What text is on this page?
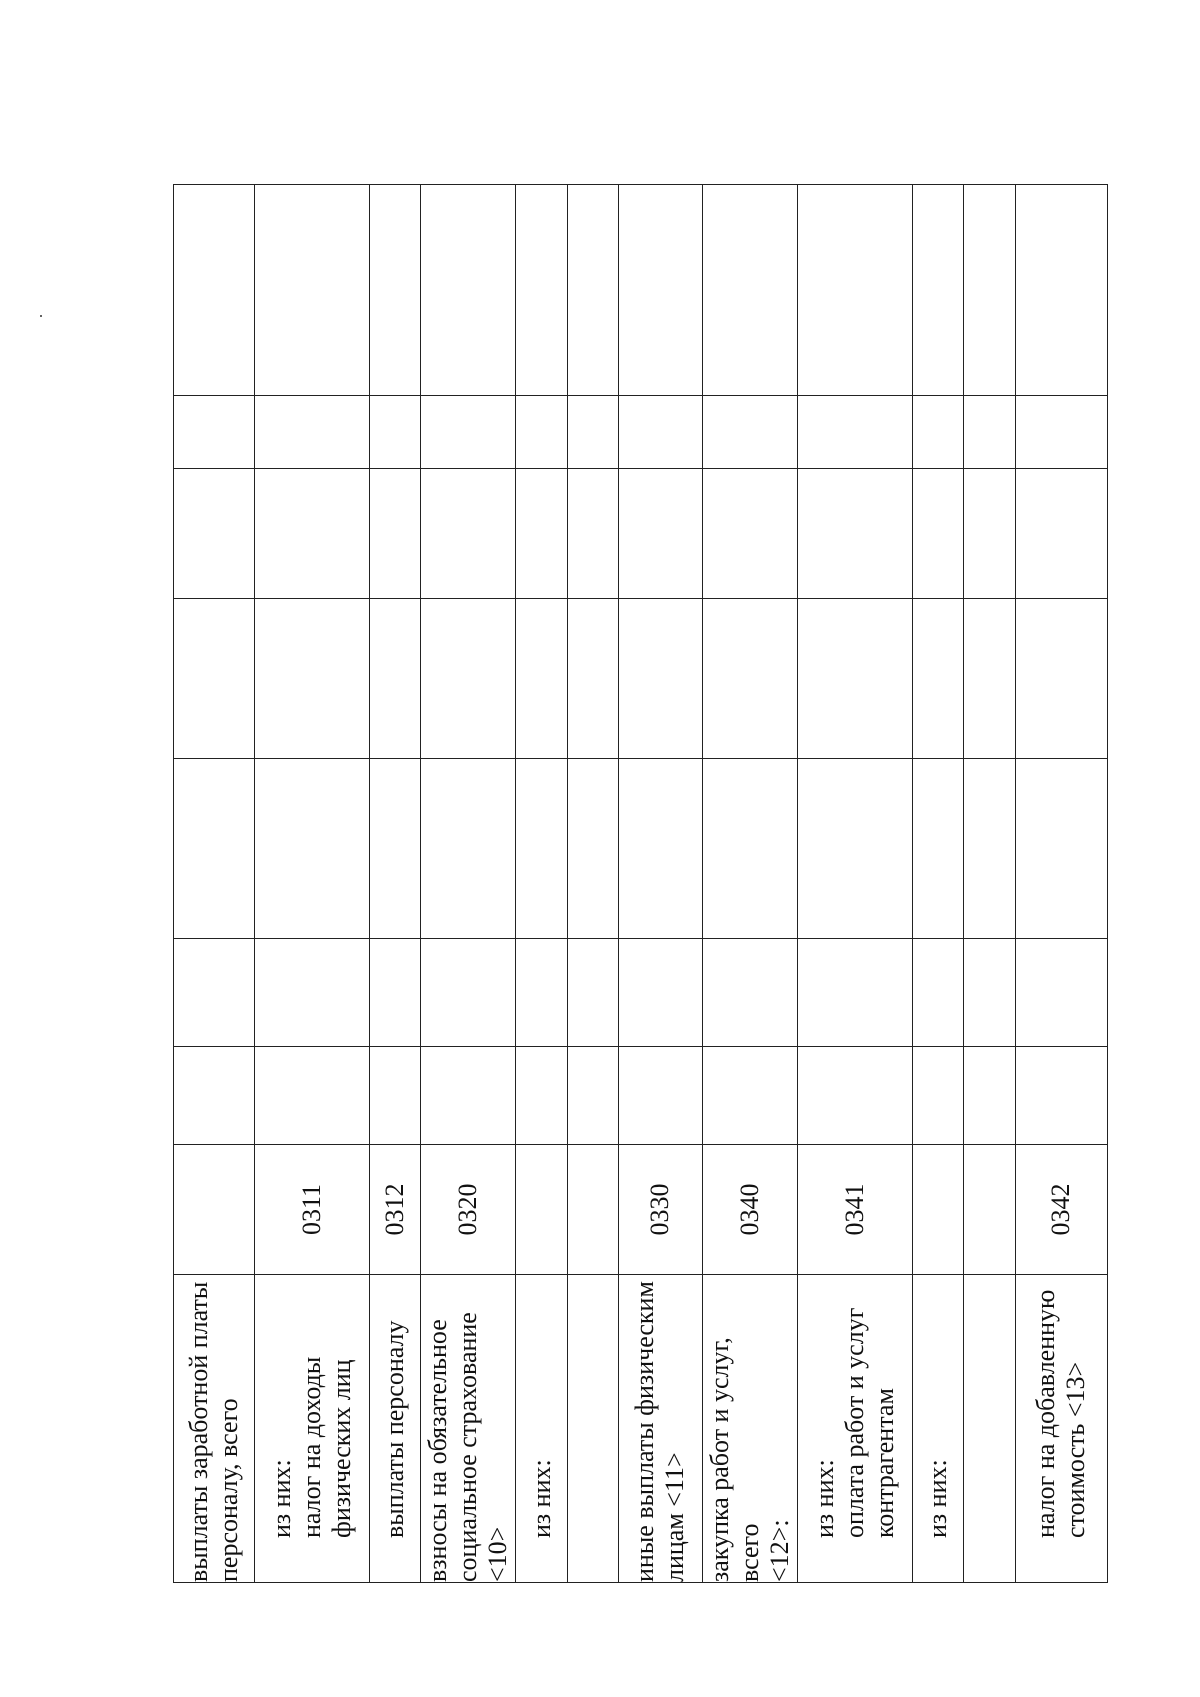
выплаты заработной платы персоналу, всего								

из них: налог на доходы физических лиц	0311							

выплаты персоналу	0312							

взносы на обязательное социальное страхование <10>	0320							

из них:								

иные выплаты физическим лицам <11>	0330							

закупка работ и услуг, всего <12>:	0340							

из них: оплата работ и услуг контрагентам	0341							

из них:								

налог на добавленную стоимость <13>	0342							
